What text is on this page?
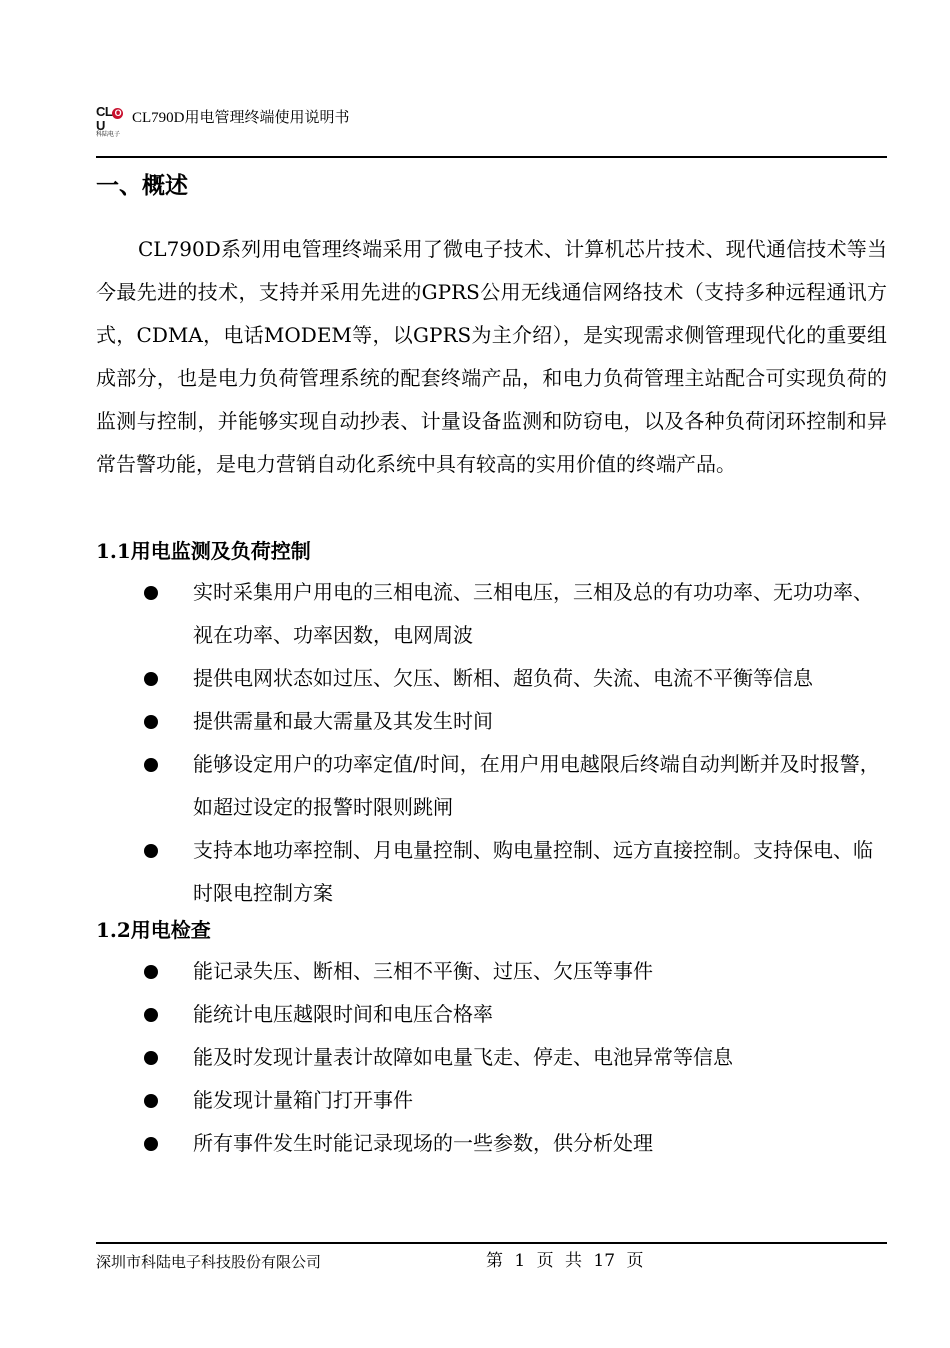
CL OU
科陆电子
CL790D用电管理终端使用说明书
一、概述

CL790D系列用电管理终端采用了微电子技术、计算机芯片技术、现代通信技术等当今最先进的技术，支持并采用先进的GPRS公用无线通信网络技术（支持多种远程通讯方式，CDMA，电话MODEM等，以GPRS为主介绍），是实现需求侧管理现代化的重要组成部分，也是电力负荷管理系统的配套终端产品，和电力负荷管理主站配合可实现负荷的监测与控制，并能够实现自动抄表、计量设备监测和防窃电，以及各种负荷闭环控制和异常告警功能，是电力营销自动化系统中具有较高的实用价值的终端产品。

1.1用电监测及负荷控制
实时采集用户用电的三相电流、三相电压，三相及总的有功功率、无功功率、视在功率、功率因数，电网周波
提供电网状态如过压、欠压、断相、超负荷、失流、电流不平衡等信息
提供需量和最大需量及其发生时间
能够设定用户的功率定值/时间，在用户用电越限后终端自动判断并及时报警，如超过设定的报警时限则跳闸
支持本地功率控制、月电量控制、购电量控制、远方直接控制。支持保电、临时限电控制方案
1.2用电检查
能记录失压、断相、三相不平衡、过压、欠压等事件
能统计电压越限时间和电压合格率
能及时发现计量表计故障如电量飞走、停走、电池异常等信息
能发现计量箱门打开事件
所有事件发生时能记录现场的一些参数，供分析处理
深圳市科陆电子科技股份有限公司	第 1 页 共 17 页
